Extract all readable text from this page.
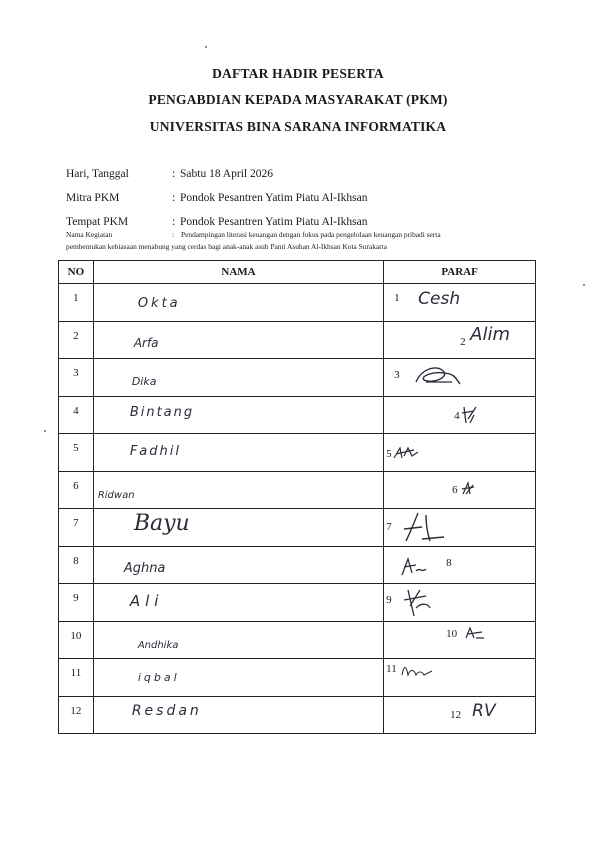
DAFTAR HADIR PESERTA
PENGABDIAN KEPADA MASYARAKAT (PKM)
UNIVERSITAS BINA SARANA INFORMATIKA
Hari, Tanggal	: Sabtu 18 April 2026
Mitra PKM	: Pondok Pesantren Yatim Piatu Al-Ikhsan
Tempat PKM	: Pondok Pesantren Yatim Piatu Al-Ikhsan
Nama Kegiatan	: Pendampingan literasi keuangan dengan fokus pada pengelolaan keuangan pribadi serta
pembentukan kebiasaan menabung yang cerdas bagi anak-anak asuh Panti Asuhan Al-Ikhsan Kota Surakarta
NO	NAMA	PARAF

1	Okta	1 Cesh

2	Arfa	2 Alim

3	Dika	3

4	Bintang	4

5	Fadhil	5

6	Ridwan	6

7	Bayu	7

8	Aghna	8

9	Ali	9

10	Andhika	10

11	iqbal	11

12	Resdan	12 RV
